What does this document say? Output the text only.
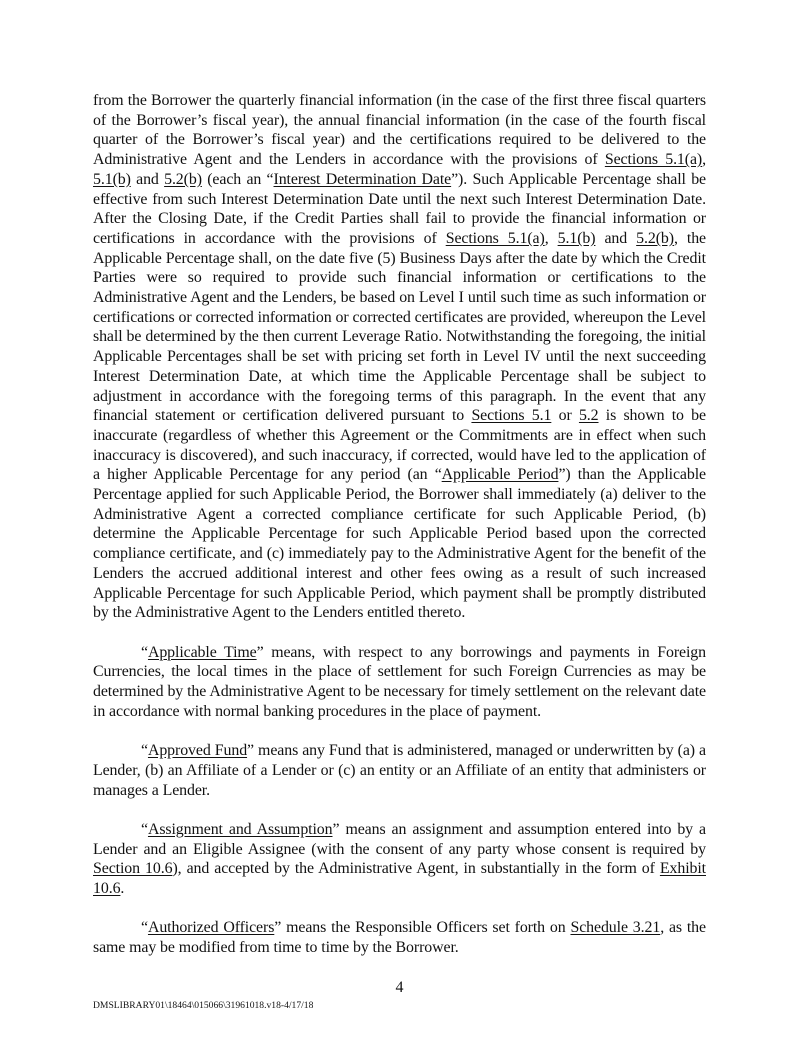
from the Borrower the quarterly financial information (in the case of the first three fiscal quarters of the Borrower’s fiscal year), the annual financial information (in the case of the fourth fiscal quarter of the Borrower’s fiscal year) and the certifications required to be delivered to the Administrative Agent and the Lenders in accordance with the provisions of Sections 5.1(a), 5.1(b) and 5.2(b) (each an “Interest Determination Date”). Such Applicable Percentage shall be effective from such Interest Determination Date until the next such Interest Determination Date. After the Closing Date, if the Credit Parties shall fail to provide the financial information or certifications in accordance with the provisions of Sections 5.1(a), 5.1(b) and 5.2(b), the Applicable Percentage shall, on the date five (5) Business Days after the date by which the Credit Parties were so required to provide such financial information or certifications to the Administrative Agent and the Lenders, be based on Level I until such time as such information or certifications or corrected information or corrected certificates are provided, whereupon the Level shall be determined by the then current Leverage Ratio. Notwithstanding the foregoing, the initial Applicable Percentages shall be set with pricing set forth in Level IV until the next succeeding Interest Determination Date, at which time the Applicable Percentage shall be subject to adjustment in accordance with the foregoing terms of this paragraph. In the event that any financial statement or certification delivered pursuant to Sections 5.1 or 5.2 is shown to be inaccurate (regardless of whether this Agreement or the Commitments are in effect when such inaccuracy is discovered), and such inaccuracy, if corrected, would have led to the application of a higher Applicable Percentage for any period (an “Applicable Period”) than the Applicable Percentage applied for such Applicable Period, the Borrower shall immediately (a) deliver to the Administrative Agent a corrected compliance certificate for such Applicable Period, (b) determine the Applicable Percentage for such Applicable Period based upon the corrected compliance certificate, and (c) immediately pay to the Administrative Agent for the benefit of the Lenders the accrued additional interest and other fees owing as a result of such increased Applicable Percentage for such Applicable Period, which payment shall be promptly distributed by the Administrative Agent to the Lenders entitled thereto.

“Applicable Time” means, with respect to any borrowings and payments in Foreign Currencies, the local times in the place of settlement for such Foreign Currencies as may be determined by the Administrative Agent to be necessary for timely settlement on the relevant date in accordance with normal banking procedures in the place of payment.

“Approved Fund” means any Fund that is administered, managed or underwritten by (a) a Lender, (b) an Affiliate of a Lender or (c) an entity or an Affiliate of an entity that administers or manages a Lender.

“Assignment and Assumption” means an assignment and assumption entered into by a Lender and an Eligible Assignee (with the consent of any party whose consent is required by Section 10.6), and accepted by the Administrative Agent, in substantially in the form of Exhibit 10.6.

“Authorized Officers” means the Responsible Officers set forth on Schedule 3.21, as the same may be modified from time to time by the Borrower.

4
DMSLIBRARY01\18464\015066\31961018.v18-4/17/18
